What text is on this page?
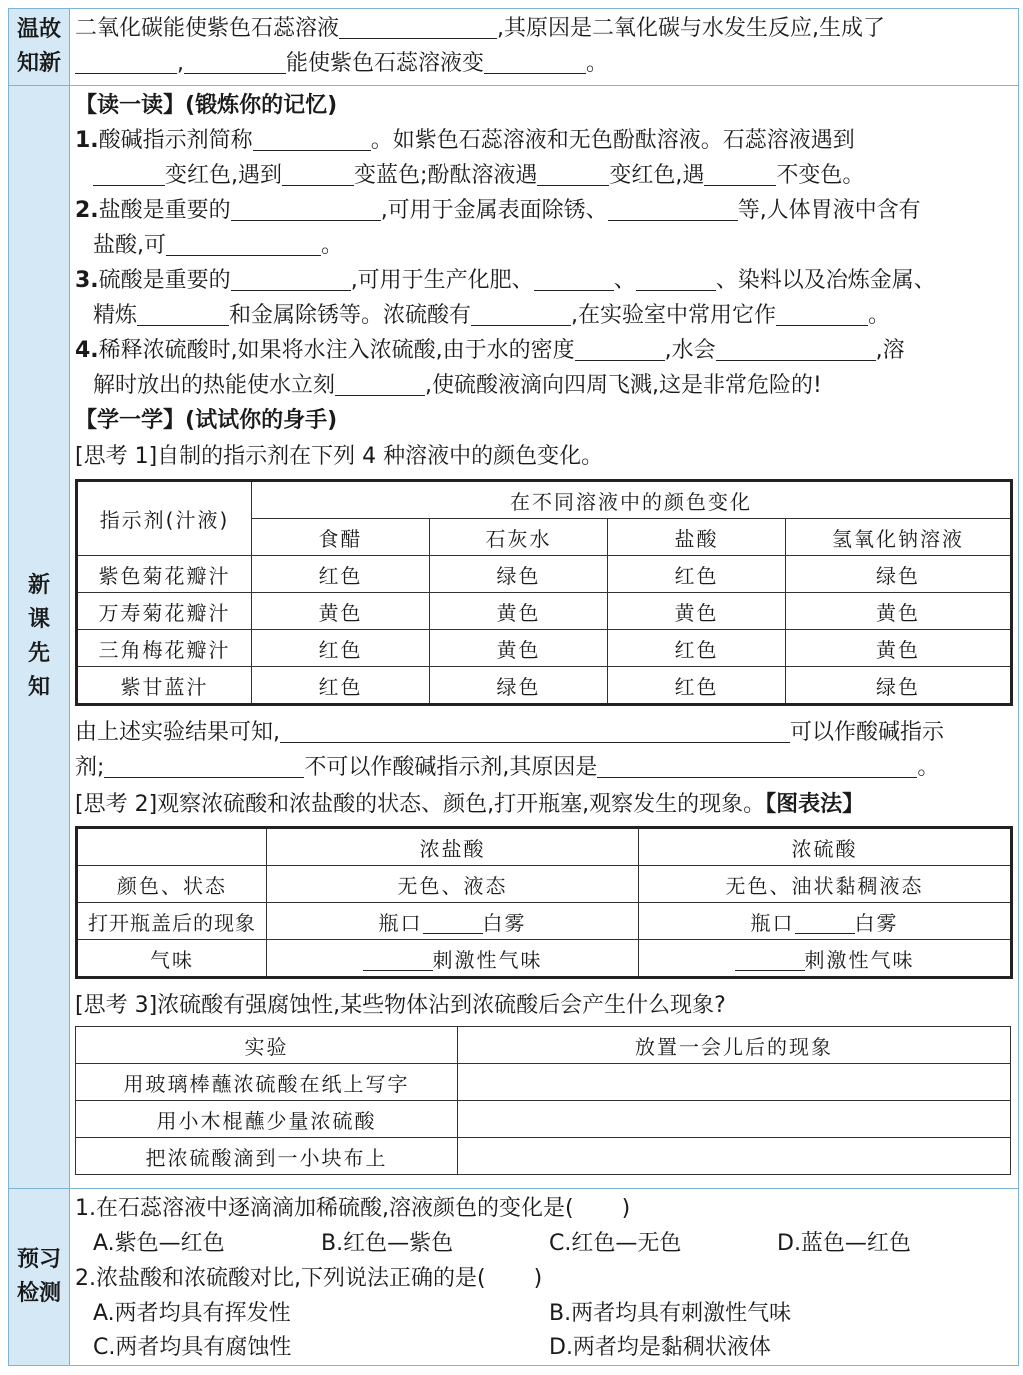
温故知新
二氧化碳能使紫色石蕊溶液	,其原因是二氧化碳与水发生反应,生成了
,	能使紫色石蕊溶液变	。
新课先知
【读一读】(锻炼你的记忆)
1.酸碱指示剂简称	。如紫色石蕊溶液和无色酚酞溶液。石蕊溶液遇到
变红色,遇到	变蓝色;酚酞溶液遇	变红色,遇	不变色。
2.盐酸是重要的	,可用于金属表面除锈、	等,人体胃液中含有
盐酸,可	。
3.硫酸是重要的	,可用于生产化肥、	、	、染料以及冶炼金属、
精炼	和金属除锈等。浓硫酸有	,在实验室中常用它作	。
4.稀释浓硫酸时,如果将水注入浓硫酸,由于水的密度	,水会	,溶
解时放出的热能使水立刻	,使硫酸液滴向四周飞溅,这是非常危险的!
【学一学】(试试你的身手)
[思考 1]自制的指示剂在下列 4 种溶液中的颜色变化。
指示剂(汁液)	在不同溶液中的颜色变化			
	食醋	石灰水	盐酸	氢氧化钠溶液
紫色菊花瓣汁	红色	绿色	红色	绿色
万寿菊花瓣汁	黄色	黄色	黄色	黄色
三角梅花瓣汁	红色	黄色	红色	黄色
紫甘蓝汁	红色	绿色	红色	绿色
由上述实验结果可知,	可以作酸碱指示
剂;	不可以作酸碱指示剂,其原因是	。
[思考 2]观察浓硫酸和浓盐酸的状态、颜色,打开瓶塞,观察发生的现象。【图表法】
	浓盐酸	浓硫酸
颜色、状态	无色、液态	无色、油状黏稠液态
打开瓶盖后的现象	瓶口 白雾	瓶口 白雾
气味	刺激性气味	刺激性气味
[思考 3]浓硫酸有强腐蚀性,某些物体沾到浓硫酸后会产生什么现象?
实验	放置一会儿后的现象
用玻璃棒蘸浓硫酸在纸上写字	
用小木棍蘸少量浓硫酸	
把浓硫酸滴到一小块布上	
预习检测
1.在石蕊溶液中逐滴滴加稀硫酸,溶液颜色的变化是( )
A.紫色—红色	B.红色—紫色	C.红色—无色	D.蓝色—红色
2.浓盐酸和浓硫酸对比,下列说法正确的是( )
A.两者均具有挥发性	B.两者均具有刺激性气味
C.两者均具有腐蚀性	D.两者均是黏稠状液体
